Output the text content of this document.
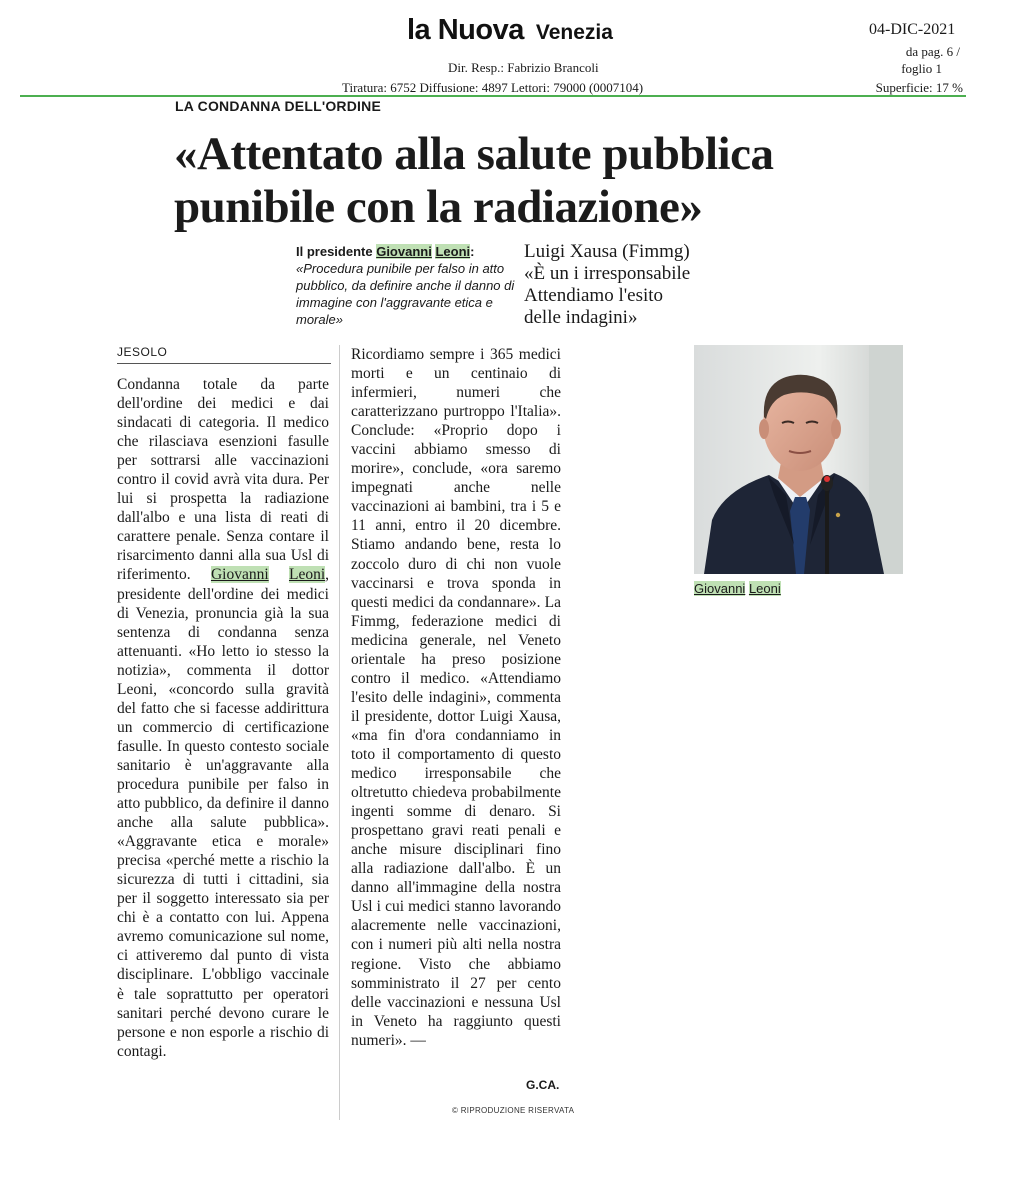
la Nuova Venezia
Dir. Resp.: Fabrizio Brancoli
Tiratura: 6752 Diffusione: 4897 Lettori: 79000 (0007104)
04-DIC-2021
da pag. 6 /
foglio 1
Superficie: 17 %
LA CONDANNA DELL'ORDINE
«Attentato alla salute pubblica
punibile con la radiazione»
Il presidente Giovanni Leoni:
«Procedura punibile per falso in atto pubblico, da definire anche il danno di immagine con l'aggravante etica e morale»
Luigi Xausa (Fimmg)
«È un i irresponsabile
Attendiamo l'esito
delle indagini»
JESOLO
Condanna totale da parte dell'ordine dei medici e dai sindacati di categoria. Il medico che rilasciava esenzioni fasulle per sottrarsi alle vaccinazioni contro il covid avrà vita dura. Per lui si prospetta la radiazione dall'albo e una lista di reati di carattere penale. Senza contare il risarcimento danni alla sua Usl di riferimento. Giovanni Leoni, presidente dell'ordine dei medici di Venezia, pronuncia già la sua sentenza di condanna senza attenuanti. «Ho letto io stesso la notizia», commenta il dottor Leoni, «concordo sulla gravità del fatto che si facesse addirittura un commercio di certificazione fasulle. In questo contesto sociale sanitario è un'aggravante alla procedura punibile per falso in atto pubblico, da definire il danno anche alla salute pubblica». «Aggravante etica e morale» precisa «perché mette a rischio la sicurezza di tutti i cittadini, sia per il soggetto interessato sia per chi è a contatto con lui. Appena avremo comunicazione sul nome, ci attiveremo dal punto di vista disciplinare. L'obbligo vaccinale è tale soprattutto per operatori sanitari perché devono curare le persone e non esporle a rischio di contagi.
Ricordiamo sempre i 365 medici morti e un centinaio di infermieri, numeri che caratterizzano purtroppo l'Italia». Conclude: «Proprio dopo i vaccini abbiamo smesso di morire», conclude, «ora saremo impegnati anche nelle vaccinazioni ai bambini, tra i 5 e 11 anni, entro il 20 dicembre. Stiamo andando bene, resta lo zoccolo duro di chi non vuole vaccinarsi e trova sponda in questi medici da condannare». La Fimmg, federazione medici di medicina generale, nel Veneto orientale ha preso posizione contro il medico. «Attendiamo l'esito delle indagini», commenta il presidente, dottor Luigi Xausa, «ma fin d'ora condanniamo in toto il comportamento di questo medico irresponsabile che oltretutto chiedeva probabilmente ingenti somme di denaro. Si prospettano gravi reati penali e anche misure disciplinari fino alla radiazione dall'albo. È un danno all'immagine della nostra Usl i cui medici stanno lavorando alacremente nelle vaccinazioni, con i numeri più alti nella nostra regione. Visto che abbiamo somministrato il 27 per cento delle vaccinazioni e nessuna Usl in Veneto ha raggiunto questi numeri». —
G.CA.
© RIPRODUZIONE RISERVATA
Giovanni Leoni
